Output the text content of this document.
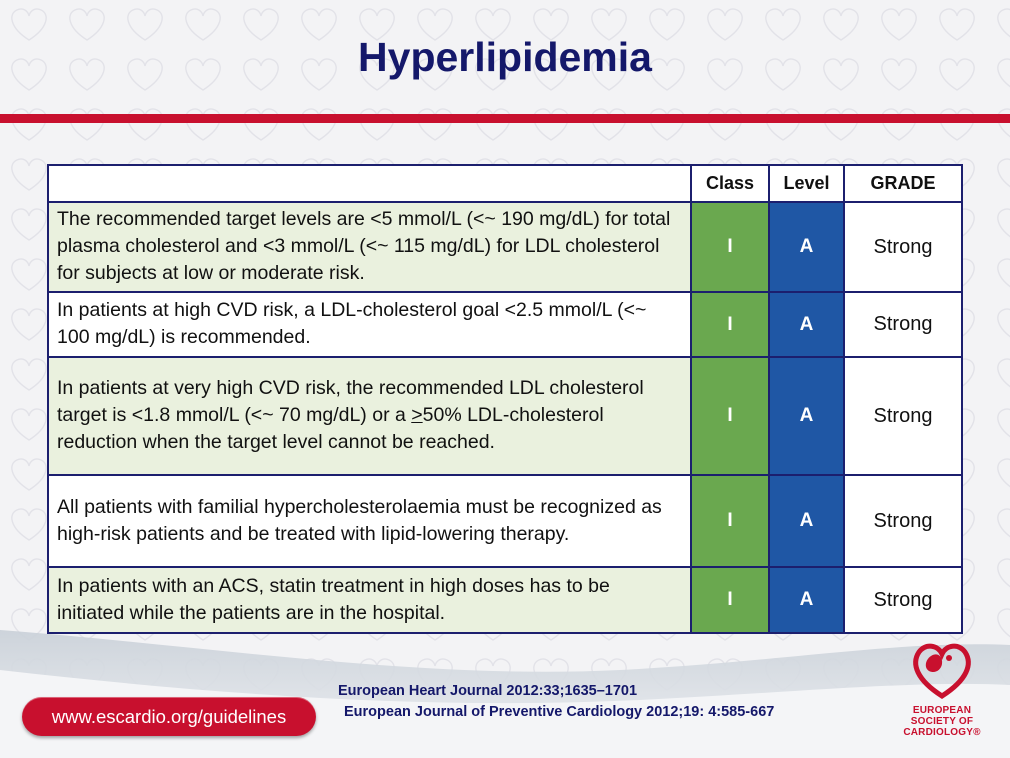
Hyperlipidemia
	Class	Level	GRADE
The recommended target levels are <5 mmol/L (<~ 190 mg/dL) for total plasma cholesterol and <3 mmol/L (<~ 115 mg/dL) for LDL cholesterol for subjects at low or moderate risk.	I	A	Strong
In patients at high CVD risk, a LDL-cholesterol goal <2.5 mmol/L (<~ 100 mg/dL) is recommended.	I	A	Strong
In patients at very high CVD risk, the recommended LDL cholesterol target is <1.8 mmol/L (<~ 70 mg/dL) or a ≥50% LDL-cholesterol reduction when the target level cannot be reached.	I	A	Strong
All patients with familial hypercholesterolaemia must be recognized as high-risk patients and be treated with lipid-lowering therapy.	I	A	Strong
In patients with an ACS, statin treatment in high doses has to be initiated while the patients are in the hospital.	I	A	Strong
European Heart Journal 2012:33;1635–1701
European Journal of Preventive Cardiology 2012;19: 4:585-667
www.escardio.org/guidelines	EUROPEAN
SOCIETY OF
CARDIOLOGY®
